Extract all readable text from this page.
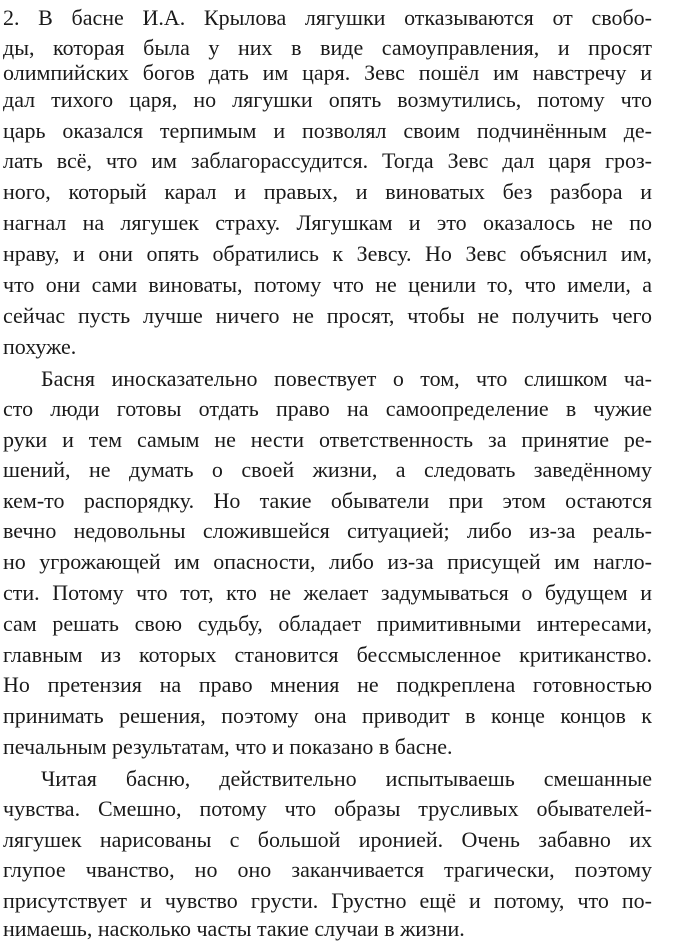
2. В басне И.А. Крылова лягушки отказываются от свобо-
ды, которая была у них в виде самоуправления, и просят
олимпийских богов дать им царя. Зевс пошёл им навстречу и
дал тихого царя, но лягушки опять возмутились, потому что
царь оказался терпимым и позволял своим подчинённым де-
лать всё, что им заблагорассудится. Тогда Зевс дал царя гроз-
ного, который карал и правых, и виноватых без разбора и
нагнал на лягушек страху. Лягушкам и это оказалось не по
нраву, и они опять обратились к Зевсу. Но Зевс объяснил им,
что они сами виноваты, потому что не ценили то, что имели, а
сейчас пусть лучше ничего не просят, чтобы не получить чего
похуже.
Басня иносказательно повествует о том, что слишком ча-
сто люди готовы отдать право на самоопределение в чужие
руки и тем самым не нести ответственность за принятие ре-
шений, не думать о своей жизни, а следовать заведённому
кем-то распорядку. Но такие обыватели при этом остаются
вечно недовольны сложившейся ситуацией; либо из-за реаль-
но угрожающей им опасности, либо из-за присущей им нагло-
сти. Потому что тот, кто не желает задумываться о будущем и
сам решать свою судьбу, обладает примитивными интересами,
главным из которых становится бессмысленное критиканство.
Но претензия на право мнения не подкреплена готовностью
принимать решения, поэтому она приводит в конце концов к
печальным результатам, что и показано в басне.
Читая басню, действительно испытываешь смешанные
чувства. Смешно, потому что образы трусливых обывателей-
лягушек нарисованы с большой иронией. Очень забавно их
глупое чванство, но оно заканчивается трагически, поэтому
присутствует и чувство грусти. Грустно ещё и потому, что по-
нимаешь, насколько часты такие случаи в жизни.
